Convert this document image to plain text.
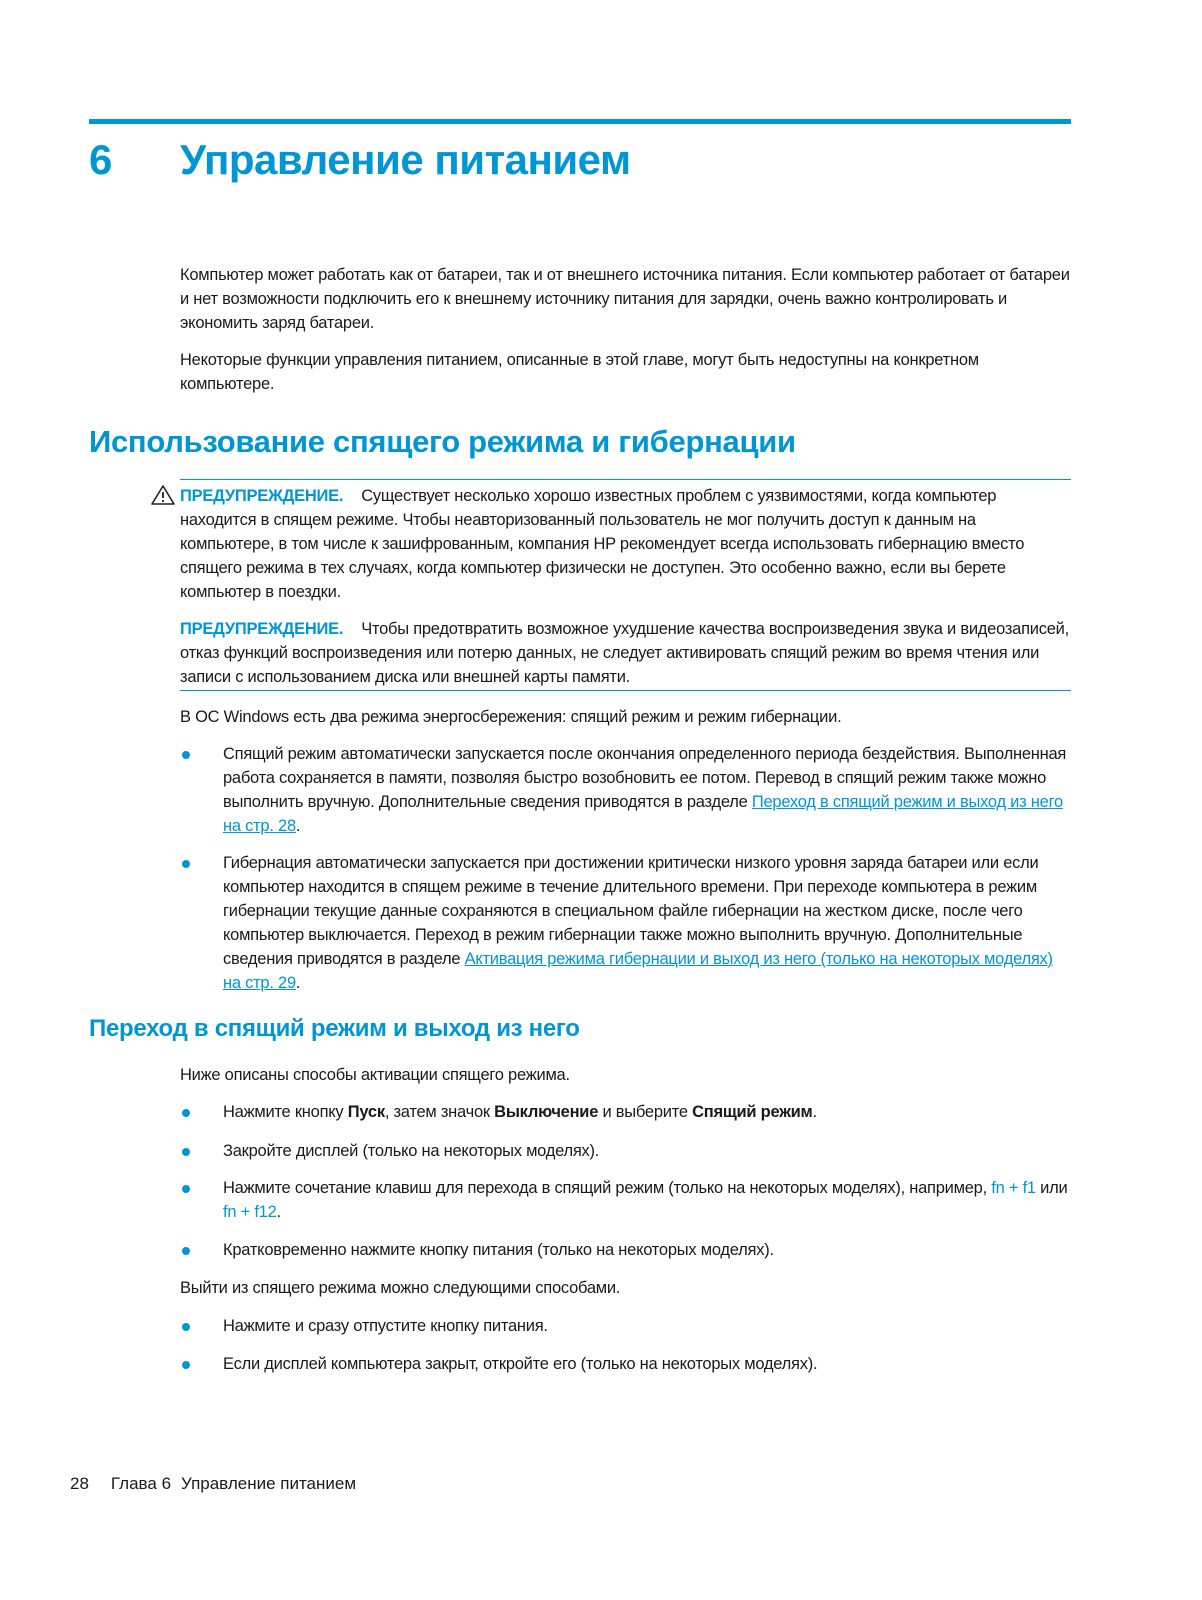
6 Управление питанием

Компьютер может работать как от батареи, так и от внешнего источника питания. Если компьютер работает от батареи и нет возможности подключить его к внешнему источнику питания для зарядки, очень важно контролировать и экономить заряд батареи.

Некоторые функции управления питанием, описанные в этой главе, могут быть недоступны на конкретном компьютере.

Использование спящего режима и гибернации

ПРЕДУПРЕЖДЕНИЕ. Существует несколько хорошо известных проблем с уязвимостями, когда компьютер находится в спящем режиме. Чтобы неавторизованный пользователь не мог получить доступ к данным на компьютере, в том числе к зашифрованным, компания HP рекомендует всегда использовать гибернацию вместо спящего режима в тех случаях, когда компьютер физически не доступен. Это особенно важно, если вы берете компьютер в поездки.

ПРЕДУПРЕЖДЕНИЕ. Чтобы предотвратить возможное ухудшение качества воспроизведения звука и видеозаписей, отказ функций воспроизведения или потерю данных, не следует активировать спящий режим во время чтения или записи с использованием диска или внешней карты памяти.

В ОС Windows есть два режима энергосбережения: спящий режим и режим гибернации.

Спящий режим автоматически запускается после окончания определенного периода бездействия. Выполненная работа сохраняется в памяти, позволяя быстро возобновить ее потом. Перевод в спящий режим также можно выполнить вручную. Дополнительные сведения приводятся в разделе Переход в спящий режим и выход из него на стр. 28.
Гибернация автоматически запускается при достижении критически низкого уровня заряда батареи или если компьютер находится в спящем режиме в течение длительного времени. При переходе компьютера в режим гибернации текущие данные сохраняются в специальном файле гибернации на жестком диске, после чего компьютер выключается. Переход в режим гибернации также можно выполнить вручную. Дополнительные сведения приводятся в разделе Активация режима гибернации и выход из него (только на некоторых моделях) на стр. 29.
Переход в спящий режим и выход из него

Ниже описаны способы активации спящего режима.

Нажмите кнопку Пуск, затем значок Выключение и выберите Спящий режим.
Закройте дисплей (только на некоторых моделях).
Нажмите сочетание клавиш для перехода в спящий режим (только на некоторых моделях), например, fn + f1 или fn + f12.
Кратковременно нажмите кнопку питания (только на некоторых моделях).

Выйти из спящего режима можно следующими способами.

Нажмите и сразу отпустите кнопку питания.
Если дисплей компьютера закрыт, откройте его (только на некоторых моделях).
28 Глава 6 Управление питанием
